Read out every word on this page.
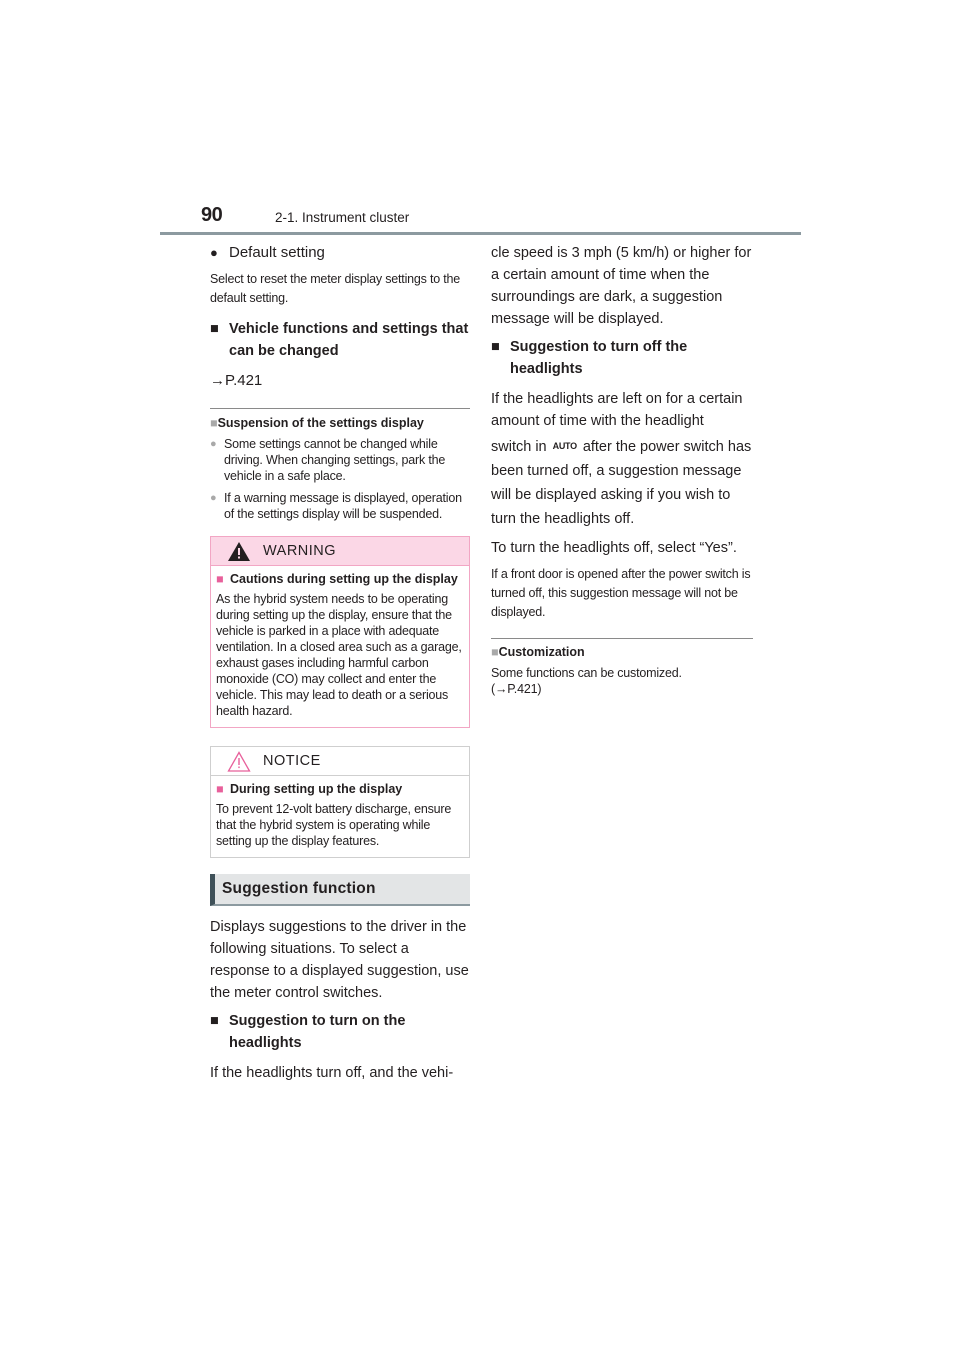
90	2-1. Instrument cluster
● Default setting

Select to reset the meter display settings to the default setting.

■ Vehicle functions and settings that can be changed
→P.421
■Suspension of the settings display
● Some settings cannot be changed while driving. When changing settings, park the vehicle in a safe place.
● If a warning message is displayed, operation of the settings display will be suspended.
WARNING
■ Cautions during setting up the display
As the hybrid system needs to be operating during setting up the display, ensure that the vehicle is parked in a place with adequate ventilation. In a closed area such as a garage, exhaust gases including harmful carbon monoxide (CO) may collect and enter the vehicle. This may lead to death or a serious health hazard.
NOTICE
■ During setting up the display
To prevent 12-volt battery discharge, ensure that the hybrid system is operating while setting up the display features.
Suggestion function

Displays suggestions to the driver in the following situations. To select a response to a displayed suggestion, use the meter control switches.

■ Suggestion to turn on the headlights

If the headlights turn off, and the vehi-

cle speed is 3 mph (5 km/h) or higher for a certain amount of time when the surroundings are dark, a suggestion message will be displayed.

■ Suggestion to turn off the headlights

If the headlights are left on for a certain amount of time with the headlight

switch in AUTO after the power switch has been turned off, a suggestion message will be displayed asking if you wish to turn the headlights off.

To turn the headlights off, select “Yes”.

If a front door is opened after the power switch is turned off, this suggestion message will not be displayed.

■Customization
Some functions can be customized.
(→P.421)
